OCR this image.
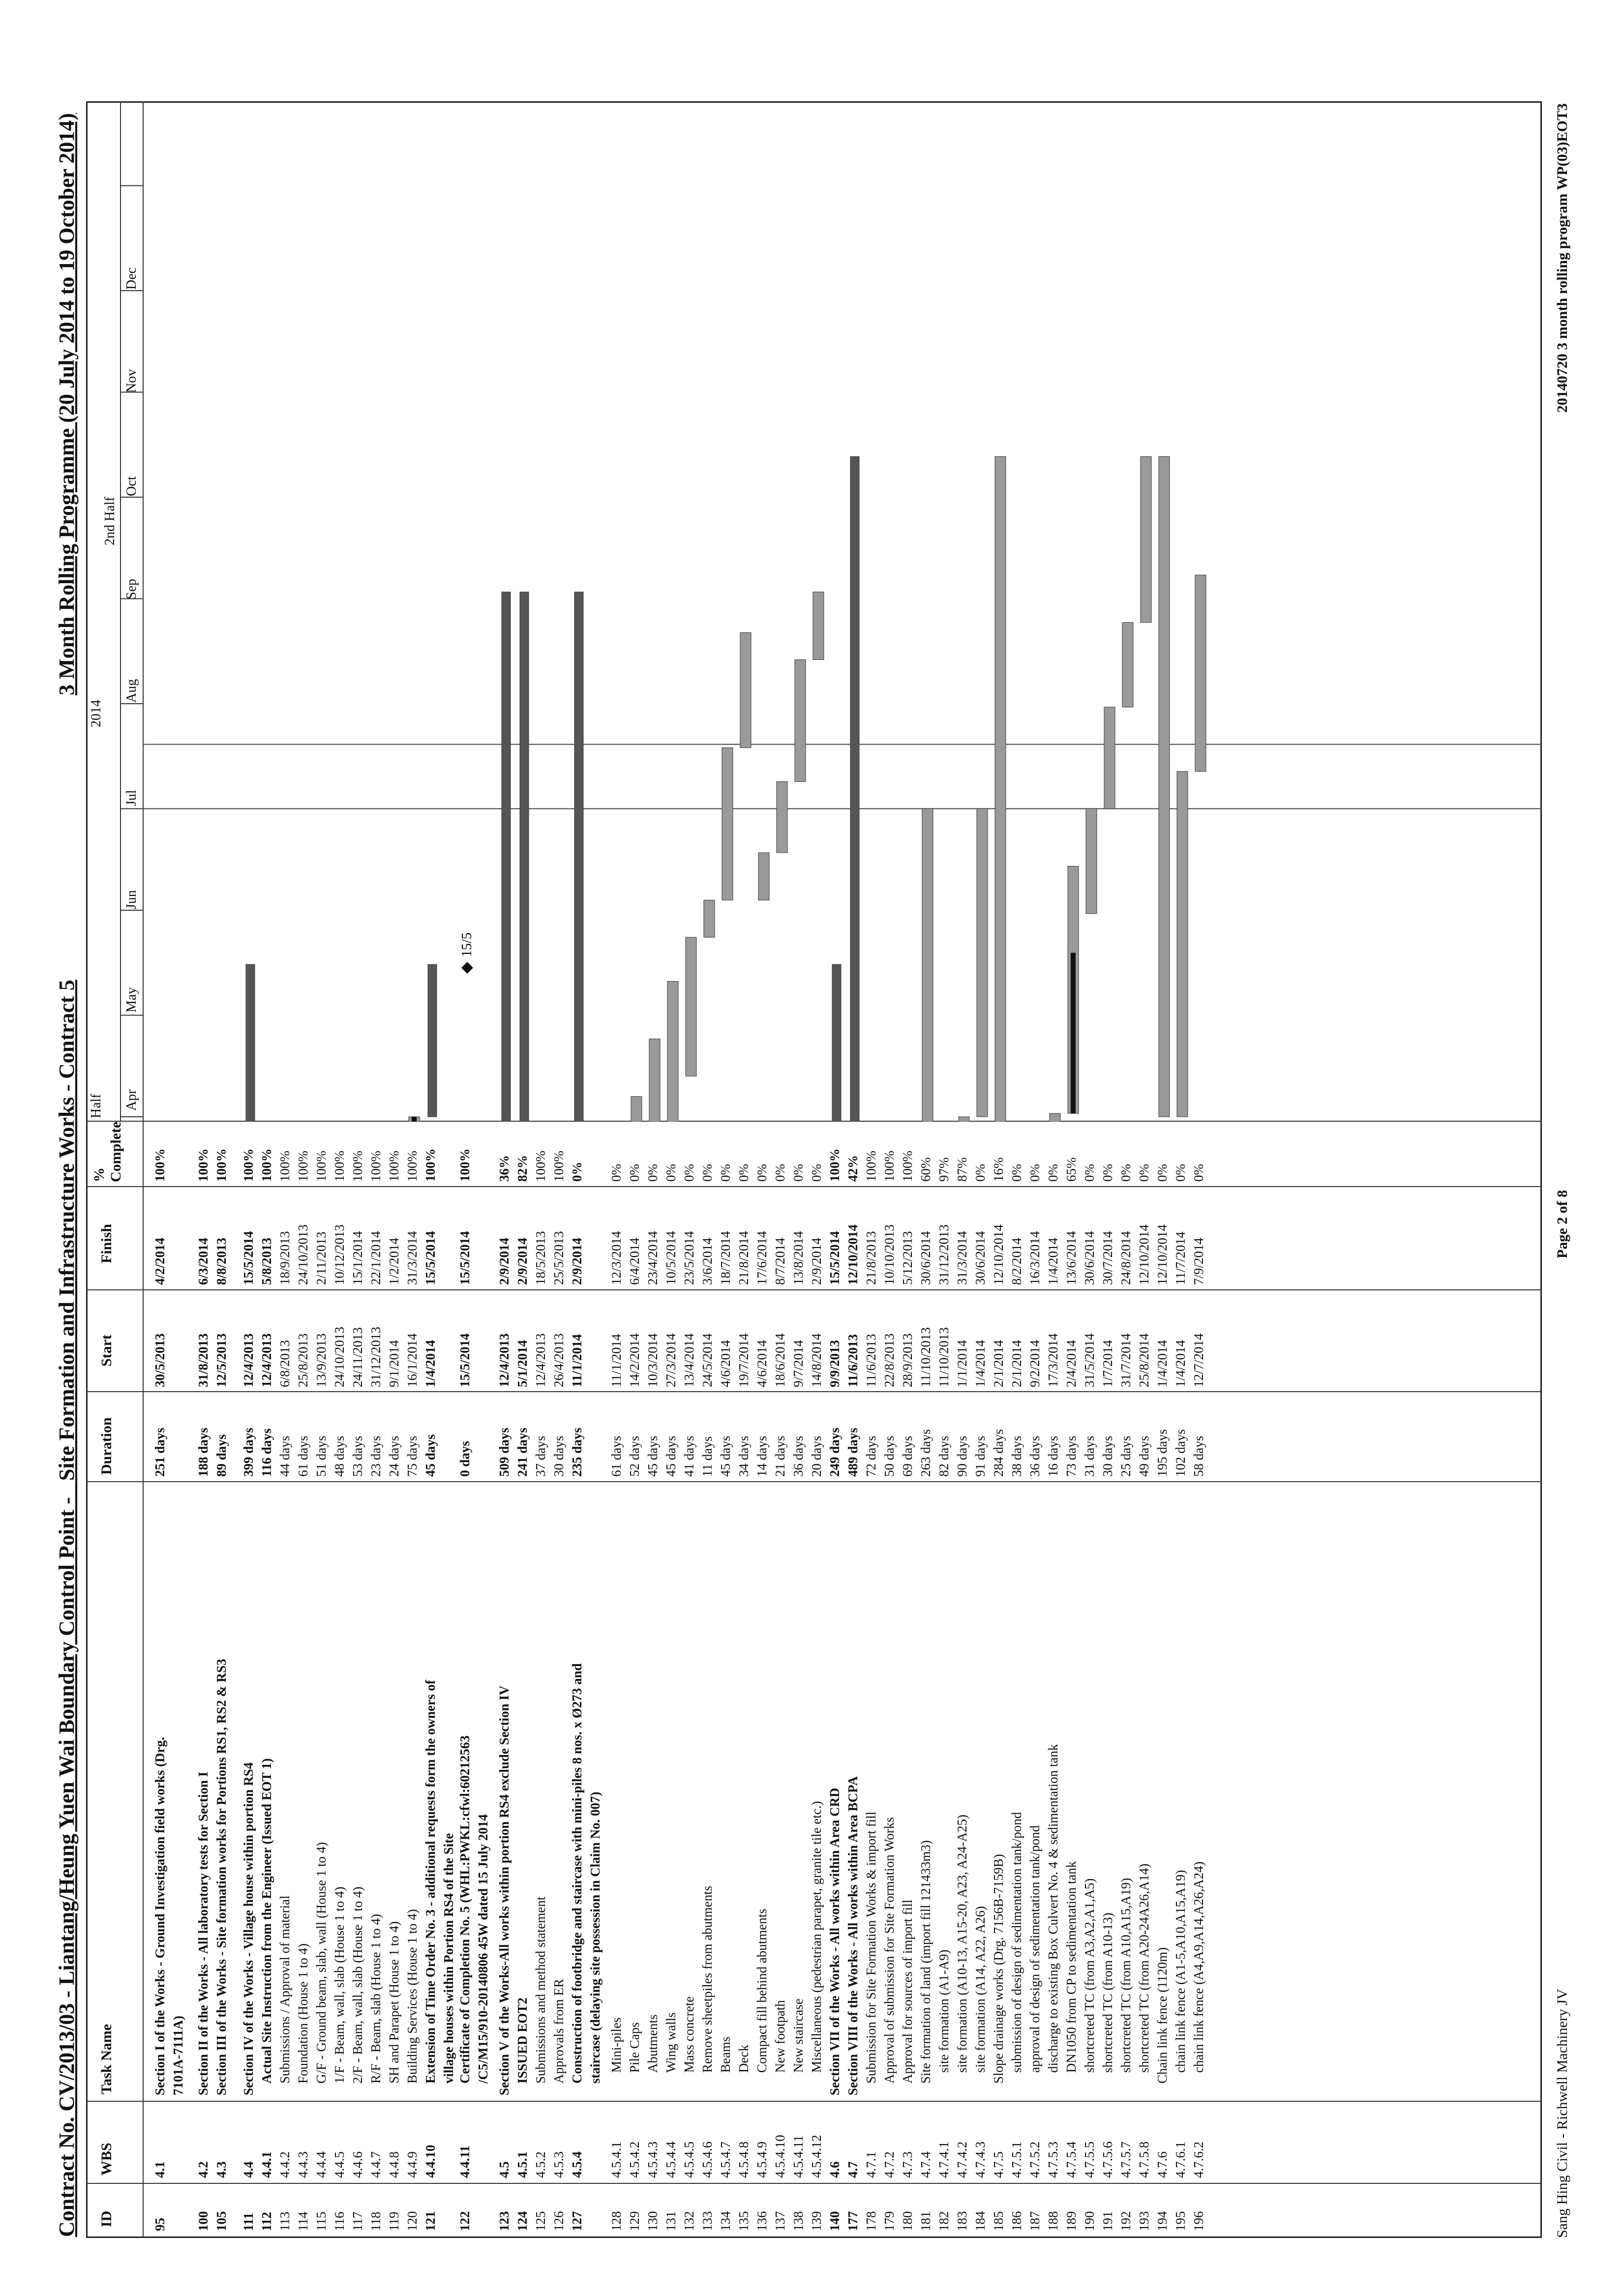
Contract No. CV/2013/03 - Liantang/Heung Yuen Wai Boundary Control Point -   Site Formation and Infrastructure Works - Contract 5
3 Month Rolling Programme (20 July 2014 to 19 October 2014)
ID
WBS
Task Name
Duration
Start
Finish
% Complete
Half
2014
2nd Half
Apr
May
Jun
Jul
Aug
Sep
Oct
Nov
Dec
15/5
95
4.1
Section I of the Works - Ground Investigation field works (Drg.
251 days
30/5/2013
4/2/2014
100%
7101A-7111A)
100
4.2
Section II of the Works - All laboratory tests for Section I
188 days
31/8/2013
6/3/2014
100%
105
4.3
Section III of the Works - Site formation works for Portions RS1, RS2 & RS3
89 days
12/5/2013
8/8/2013
100%
111
4.4
Section IV of the Works - Village house within portion RS4
399 days
12/4/2013
15/5/2014
100%
112
4.4.1
Actual Site Instruction from the Engineer (Issued EOT 1)
116 days
12/4/2013
5/8/2013
100%
113
4.4.2
Submissions / Approval of material
44 days
6/8/2013
18/9/2013
100%
114
4.4.3
Foundation (House 1 to 4)
61 days
25/8/2013
24/10/2013
100%
115
4.4.4
G/F - Ground beam, slab, wall (House 1 to 4)
51 days
13/9/2013
2/11/2013
100%
116
4.4.5
1/F - Beam, wall, slab (House 1 to 4)
48 days
24/10/2013
10/12/2013
100%
117
4.4.6
2/F - Beam, wall, slab (House 1 to 4)
53 days
24/11/2013
15/1/2014
100%
118
4.4.7
R/F - Beam, slab (House 1 to 4)
23 days
31/12/2013
22/1/2014
100%
119
4.4.8
SH and Parapet (House 1 to 4)
24 days
9/1/2014
1/2/2014
100%
120
4.4.9
Building Services (House 1 to 4)
75 days
16/1/2014
31/3/2014
100%
121
4.4.10
Extension of Time Order No. 3 - additional requests form the owners of
45 days
1/4/2014
15/5/2014
100%
village houses within Portion RS4 of the Site
122
4.4.11
Certificate of Completion No. 5 (WHL:PWKL:cfwl:60212563
0 days
15/5/2014
15/5/2014
100%
/C5/M15/910-20140806 45W dated 15 July 2014
123
4.5
Section V of the Works-All works within portion RS4 exclude Section IV
509 days
12/4/2013
2/9/2014
36%
124
4.5.1
ISSUED EOT2
241 days
5/1/2014
2/9/2014
82%
125
4.5.2
Submissions and method statement
37 days
12/4/2013
18/5/2013
100%
126
4.5.3
Approvals from ER
30 days
26/4/2013
25/5/2013
100%
127
4.5.4
Construction of footbridge and staircase with mini-piles 8 nos. x Ø273 and
235 days
11/1/2014
2/9/2014
0%
staircase (delaying site possession in Claim No. 007)
128
4.5.4.1
Mini-piles
61 days
11/1/2014
12/3/2014
0%
129
4.5.4.2
Pile Caps
52 days
14/2/2014
6/4/2014
0%
130
4.5.4.3
Abutments
45 days
10/3/2014
23/4/2014
0%
131
4.5.4.4
Wing walls
45 days
27/3/2014
10/5/2014
0%
132
4.5.4.5
Mass concrete
41 days
13/4/2014
23/5/2014
0%
133
4.5.4.6
Remove sheetpiles from abutments
11 days
24/5/2014
3/6/2014
0%
134
4.5.4.7
Beams
45 days
4/6/2014
18/7/2014
0%
135
4.5.4.8
Deck
34 days
19/7/2014
21/8/2014
0%
136
4.5.4.9
Compact fill behind abutments
14 days
4/6/2014
17/6/2014
0%
137
4.5.4.10
New footpath
21 days
18/6/2014
8/7/2014
0%
138
4.5.4.11
New staircase
36 days
9/7/2014
13/8/2014
0%
139
4.5.4.12
Miscellaneous (pedestrian parapet, granite tile etc.)
20 days
14/8/2014
2/9/2014
0%
140
4.6
Section VII of the Works - All works within Area CRD
249 days
9/9/2013
15/5/2014
100%
177
4.7
Section VIII of the Works - All works within Area BCPA
489 days
11/6/2013
12/10/2014
42%
178
4.7.1
Submission for Site Formation Works & import fill
72 days
11/6/2013
21/8/2013
100%
179
4.7.2
Approval of submission for Site Formation Works
50 days
22/8/2013
10/10/2013
100%
180
4.7.3
Approval for sources of import fill
69 days
28/9/2013
5/12/2013
100%
181
4.7.4
Site formation of land (import fill 121433m3)
263 days
11/10/2013
30/6/2014
60%
182
4.7.4.1
site formation (A1-A9)
82 days
11/10/2013
31/12/2013
97%
183
4.7.4.2
site formation (A10-13, A15-20, A23, A24-A25)
90 days
1/1/2014
31/3/2014
87%
184
4.7.4.3
site formation (A14, A22, A26)
91 days
1/4/2014
30/6/2014
0%
185
4.7.5
Slope drainage works (Drg. 7156B-7159B)
284 days
2/1/2014
12/10/2014
16%
186
4.7.5.1
submission of design of sedimentation tank/pond
38 days
2/1/2014
8/2/2014
0%
187
4.7.5.2
approval of design of sedimentation tank/pond
36 days
9/2/2014
16/3/2014
0%
188
4.7.5.3
discharge to existing Box Culvert No. 4 & sedimentation tank
16 days
17/3/2014
1/4/2014
0%
189
4.7.5.4
DN1050 from CP to sedimentation tank
73 days
2/4/2014
13/6/2014
65%
190
4.7.5.5
shortcreted TC (from A3,A2,A1,A5)
31 days
31/5/2014
30/6/2014
0%
191
4.7.5.6
shortcreted TC (from A10-13)
30 days
1/7/2014
30/7/2014
0%
192
4.7.5.7
shortcreted TC (from A10,A15,A19)
25 days
31/7/2014
24/8/2014
0%
193
4.7.5.8
shortcreted TC (from A20-24A26,A14)
49 days
25/8/2014
12/10/2014
0%
194
4.7.6
Chain link fence (1120m)
195 days
1/4/2014
12/10/2014
0%
195
4.7.6.1
chain link fence (A1-5,A10,A15,A19)
102 days
1/4/2014
11/7/2014
0%
196
4.7.6.2
chain link fence (A4,A9,A14,A26,A24)
58 days
12/7/2014
7/9/2014
0%
Sang Hing Civil - Richwell Machinery JV
Page 2 of 8
20140720 3 month rolling program WP(03)EOT3
